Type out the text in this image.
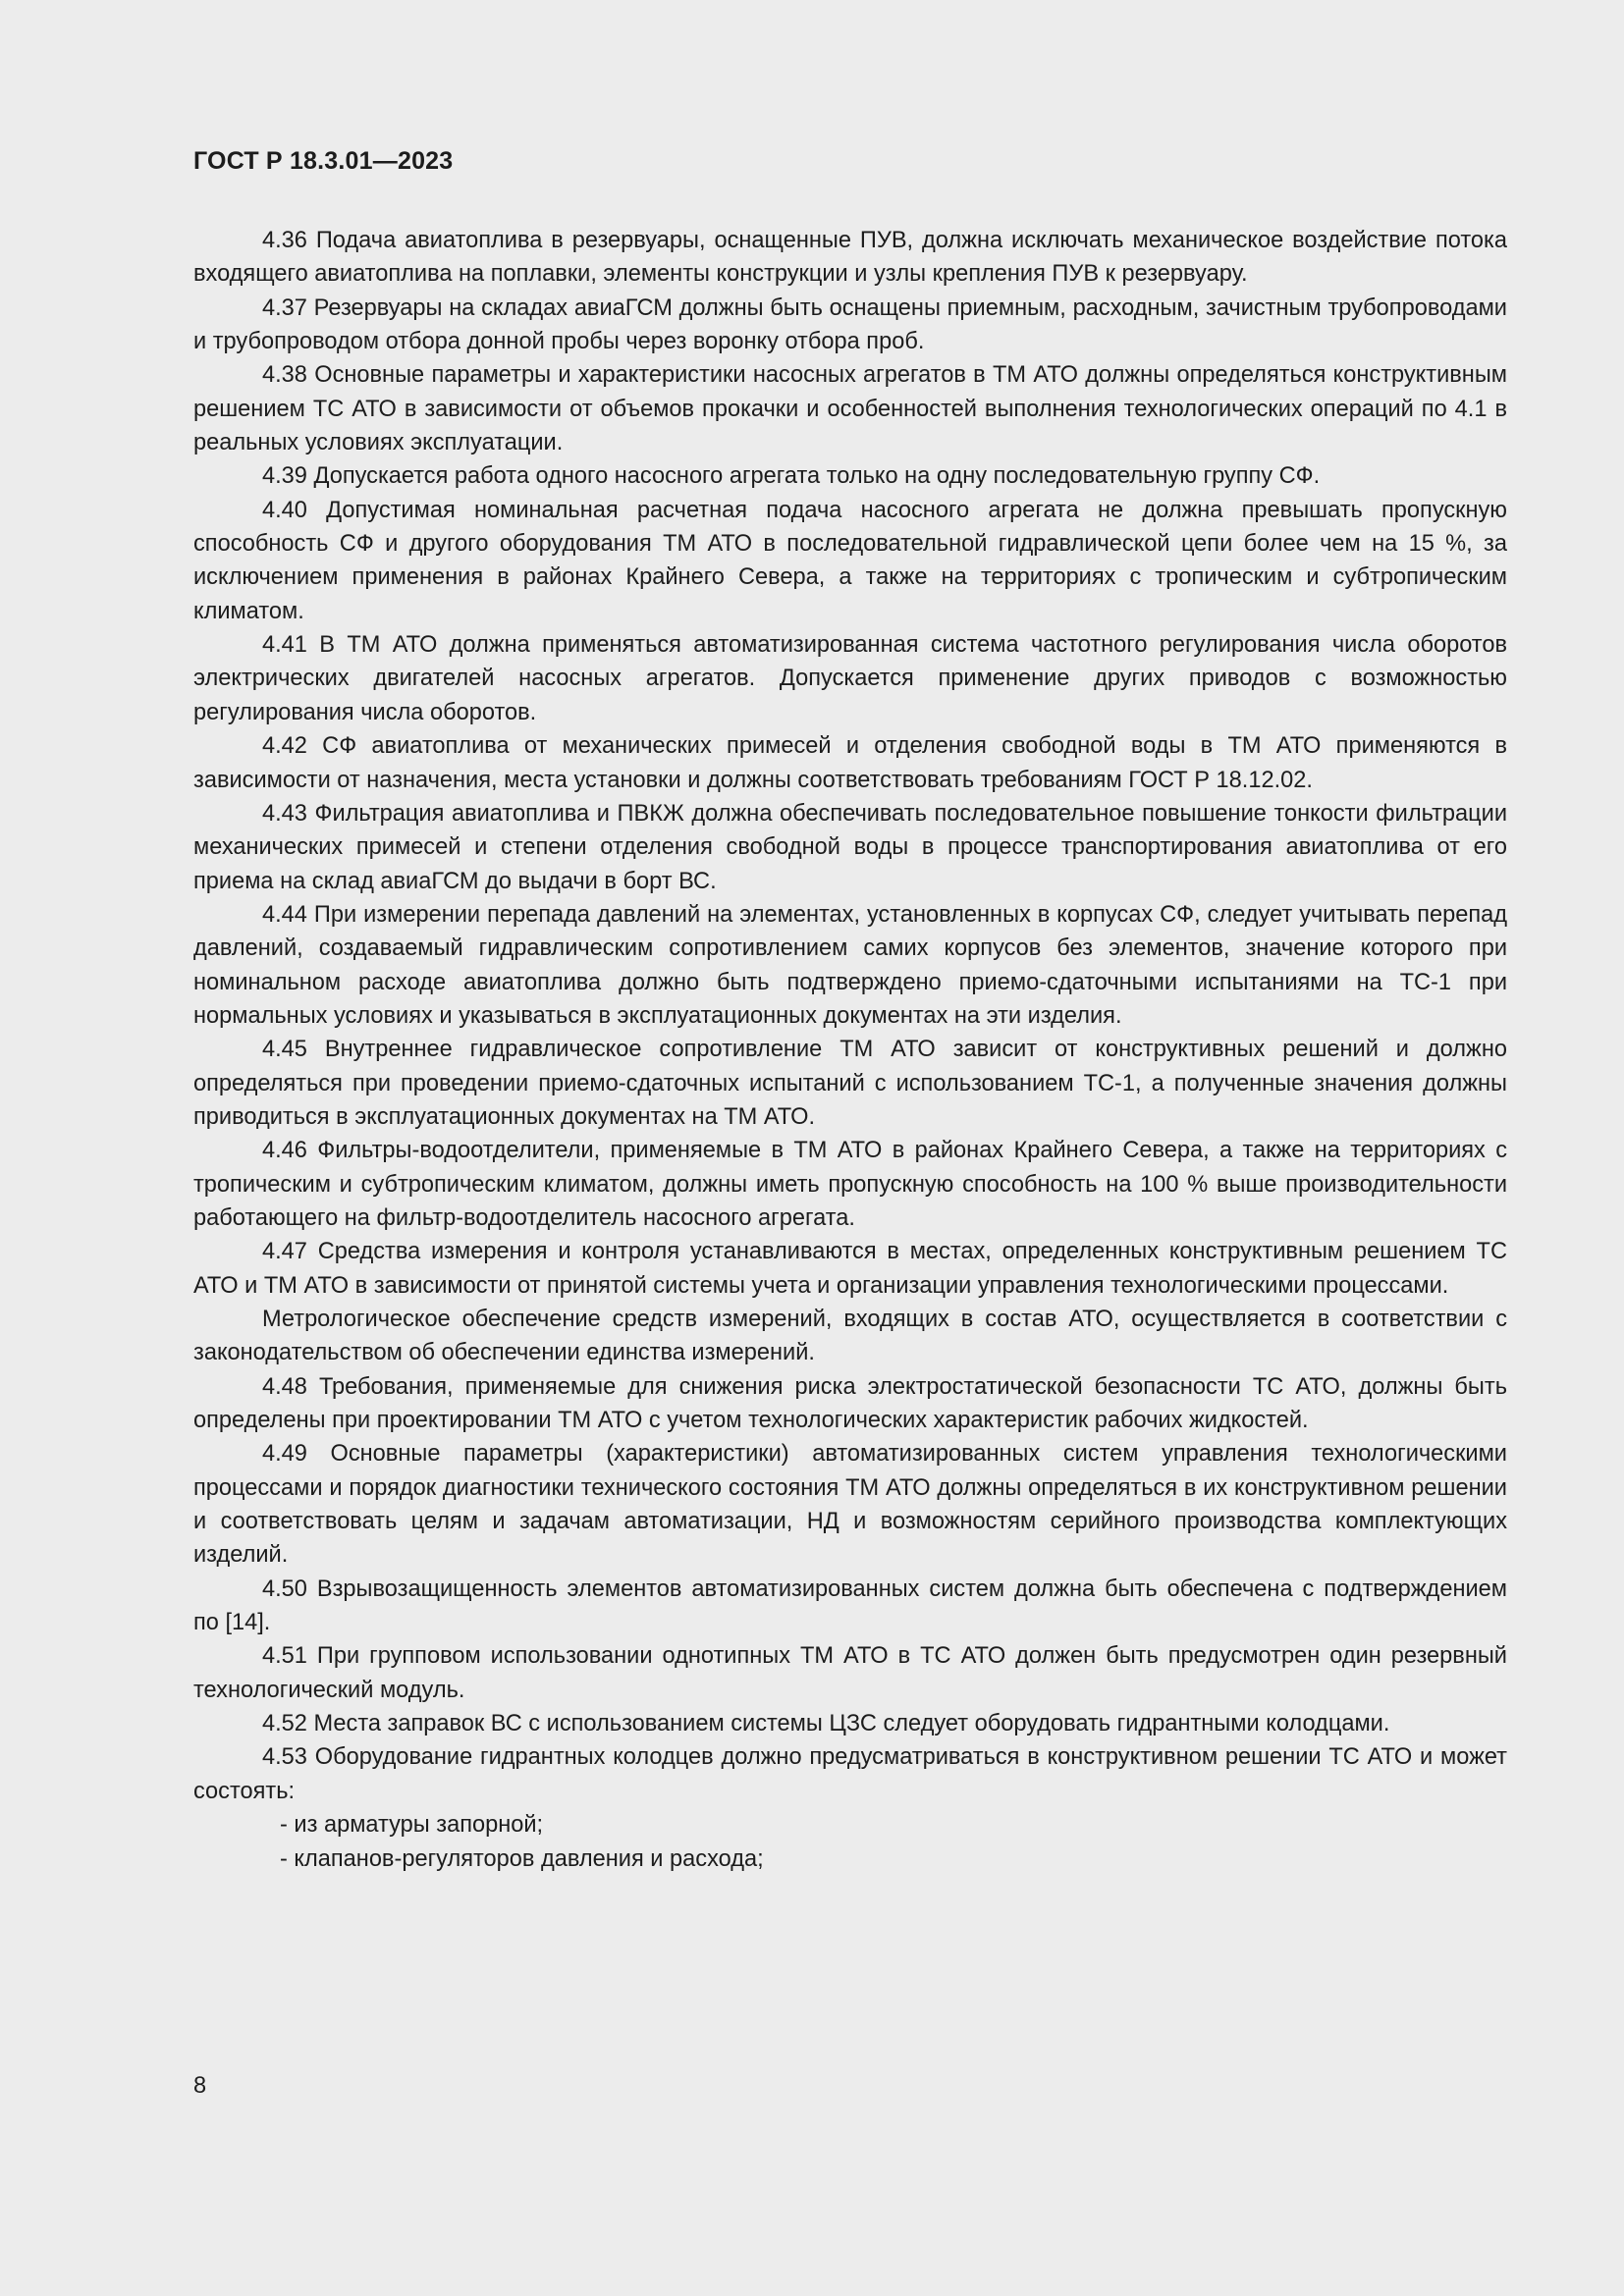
ГОСТ Р 18.3.01—2023

4.36 Подача авиатоплива в резервуары, оснащенные ПУВ, должна исключать механическое воздействие потока входящего авиатоплива на поплавки, элементы конструкции и узлы крепления ПУВ к резервуару.

4.37 Резервуары на складах авиаГСМ должны быть оснащены приемным, расходным, зачистным трубопроводами и трубопроводом отбора донной пробы через воронку отбора проб.

4.38 Основные параметры и характеристики насосных агрегатов в ТМ АТО должны определяться конструктивным решением ТС АТО в зависимости от объемов прокачки и особенностей выполнения технологических операций по 4.1 в реальных условиях эксплуатации.

4.39 Допускается работа одного насосного агрегата только на одну последовательную группу СФ.

4.40 Допустимая номинальная расчетная подача насосного агрегата не должна превышать пропускную способность СФ и другого оборудования ТМ АТО в последовательной гидравлической цепи более чем на 15 %, за исключением применения в районах Крайнего Севера, а также на территориях с тропическим и субтропическим климатом.

4.41 В ТМ АТО должна применяться автоматизированная система частотного регулирования числа оборотов электрических двигателей насосных агрегатов. Допускается применение других приводов с возможностью регулирования числа оборотов.

4.42 СФ авиатоплива от механических примесей и отделения свободной воды в ТМ АТО применяются в зависимости от назначения, места установки и должны соответствовать требованиям ГОСТ Р 18.12.02.

4.43 Фильтрация авиатоплива и ПВКЖ должна обеспечивать последовательное повышение тонкости фильтрации механических примесей и степени отделения свободной воды в процессе транспортирования авиатоплива от его приема на склад авиаГСМ до выдачи в борт ВС.

4.44 При измерении перепада давлений на элементах, установленных в корпусах СФ, следует учитывать перепад давлений, создаваемый гидравлическим сопротивлением самих корпусов без элементов, значение которого при номинальном расходе авиатоплива должно быть подтверждено приемо-сдаточными испытаниями на ТС-1 при нормальных условиях и указываться в эксплуатационных документах на эти изделия.

4.45 Внутреннее гидравлическое сопротивление ТМ АТО зависит от конструктивных решений и должно определяться при проведении приемо-сдаточных испытаний с использованием ТС-1, а полученные значения должны приводиться в эксплуатационных документах на ТМ АТО.

4.46 Фильтры-водоотделители, применяемые в ТМ АТО в районах Крайнего Севера, а также на территориях с тропическим и субтропическим климатом, должны иметь пропускную способность на 100 % выше производительности работающего на фильтр-водоотделитель насосного агрегата.

4.47 Средства измерения и контроля устанавливаются в местах, определенных конструктивным решением ТС АТО и ТМ АТО в зависимости от принятой системы учета и организации управления технологическими процессами.

Метрологическое обеспечение средств измерений, входящих в состав АТО, осуществляется в соответствии с законодательством об обеспечении единства измерений.

4.48 Требования, применяемые для снижения риска электростатической безопасности ТС АТО, должны быть определены при проектировании ТМ АТО с учетом технологических характеристик рабочих жидкостей.

4.49 Основные параметры (характеристики) автоматизированных систем управления технологическими процессами и порядок диагностики технического состояния ТМ АТО должны определяться в их конструктивном решении и соответствовать целям и задачам автоматизации, НД и возможностям серийного производства комплектующих изделий.

4.50 Взрывозащищенность элементов автоматизированных систем должна быть обеспечена с подтверждением по [14].

4.51 При групповом использовании однотипных ТМ АТО в ТС АТО должен быть предусмотрен один резервный технологический модуль.

4.52 Места заправок ВС с использованием системы ЦЗС следует оборудовать гидрантными колодцами.

4.53 Оборудование гидрантных колодцев должно предусматриваться в конструктивном решении ТС АТО и может состоять:

- из арматуры запорной;

- клапанов-регуляторов давления и расхода;

8
